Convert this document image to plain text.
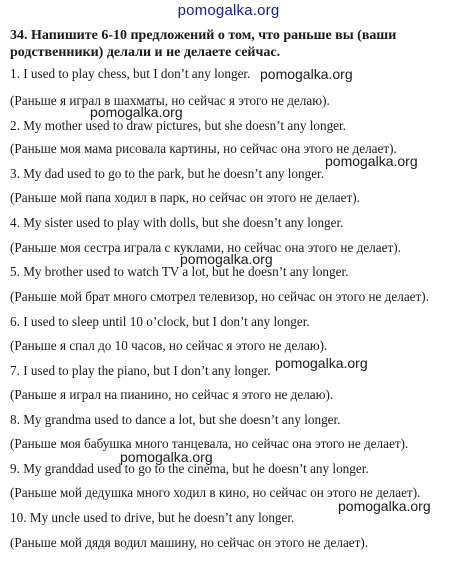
pomogalka.org
34. Напишите 6-10 предложений о том, что раньше вы (ваши родственники) делали и не делаете сейчас.
1. I used to play chess, but I don’t any longer.
(Раньше я играл в шахматы, но сейчас я этого не делаю).
2. My mother used to draw pictures, but she doesn’t any longer.
(Раньше моя мама рисовала картины, но сейчас она этого не делает).
3. My dad used to go to the park, but he doesn’t any longer.
(Раньше мой папа ходил в парк, но сейчас он этого не делает).
4. My sister used to play with dolls, but she doesn’t any longer.
(Раньше моя сестра играла с куклами, но сейчас она этого не делает).
5. My brother used to watch TV a lot, but he doesn’t any longer.
(Раньше мой брат много смотрел телевизор, но сейчас он этого не делает).
6. I used to sleep until 10 o’clock, but I don’t any longer.
(Раньше я спал до 10 часов, но сейчас я этого не делаю).
7. I used to play the piano, but I don’t any longer.
(Раньше я играл на пианино, но сейчас я этого не делаю).
8. My grandma used to dance a lot, but she doesn’t any longer.
(Раньше моя бабушка много танцевала, но сейчас она этого не делает).
9. My granddad used to go to the cinema, but he doesn’t any longer.
(Раньше мой дедушка много ходил в кино, но сейчас он этого не делает).
10. My uncle used to drive, but he doesn’t any longer.
(Раньше мой дядя водил машину, но сейчас он этого не делает).
pomogalka.org
pomogalka.org
pomogalka.org
pomogalka.org
pomogalka.org
pomogalka.org
pomogalka.org
